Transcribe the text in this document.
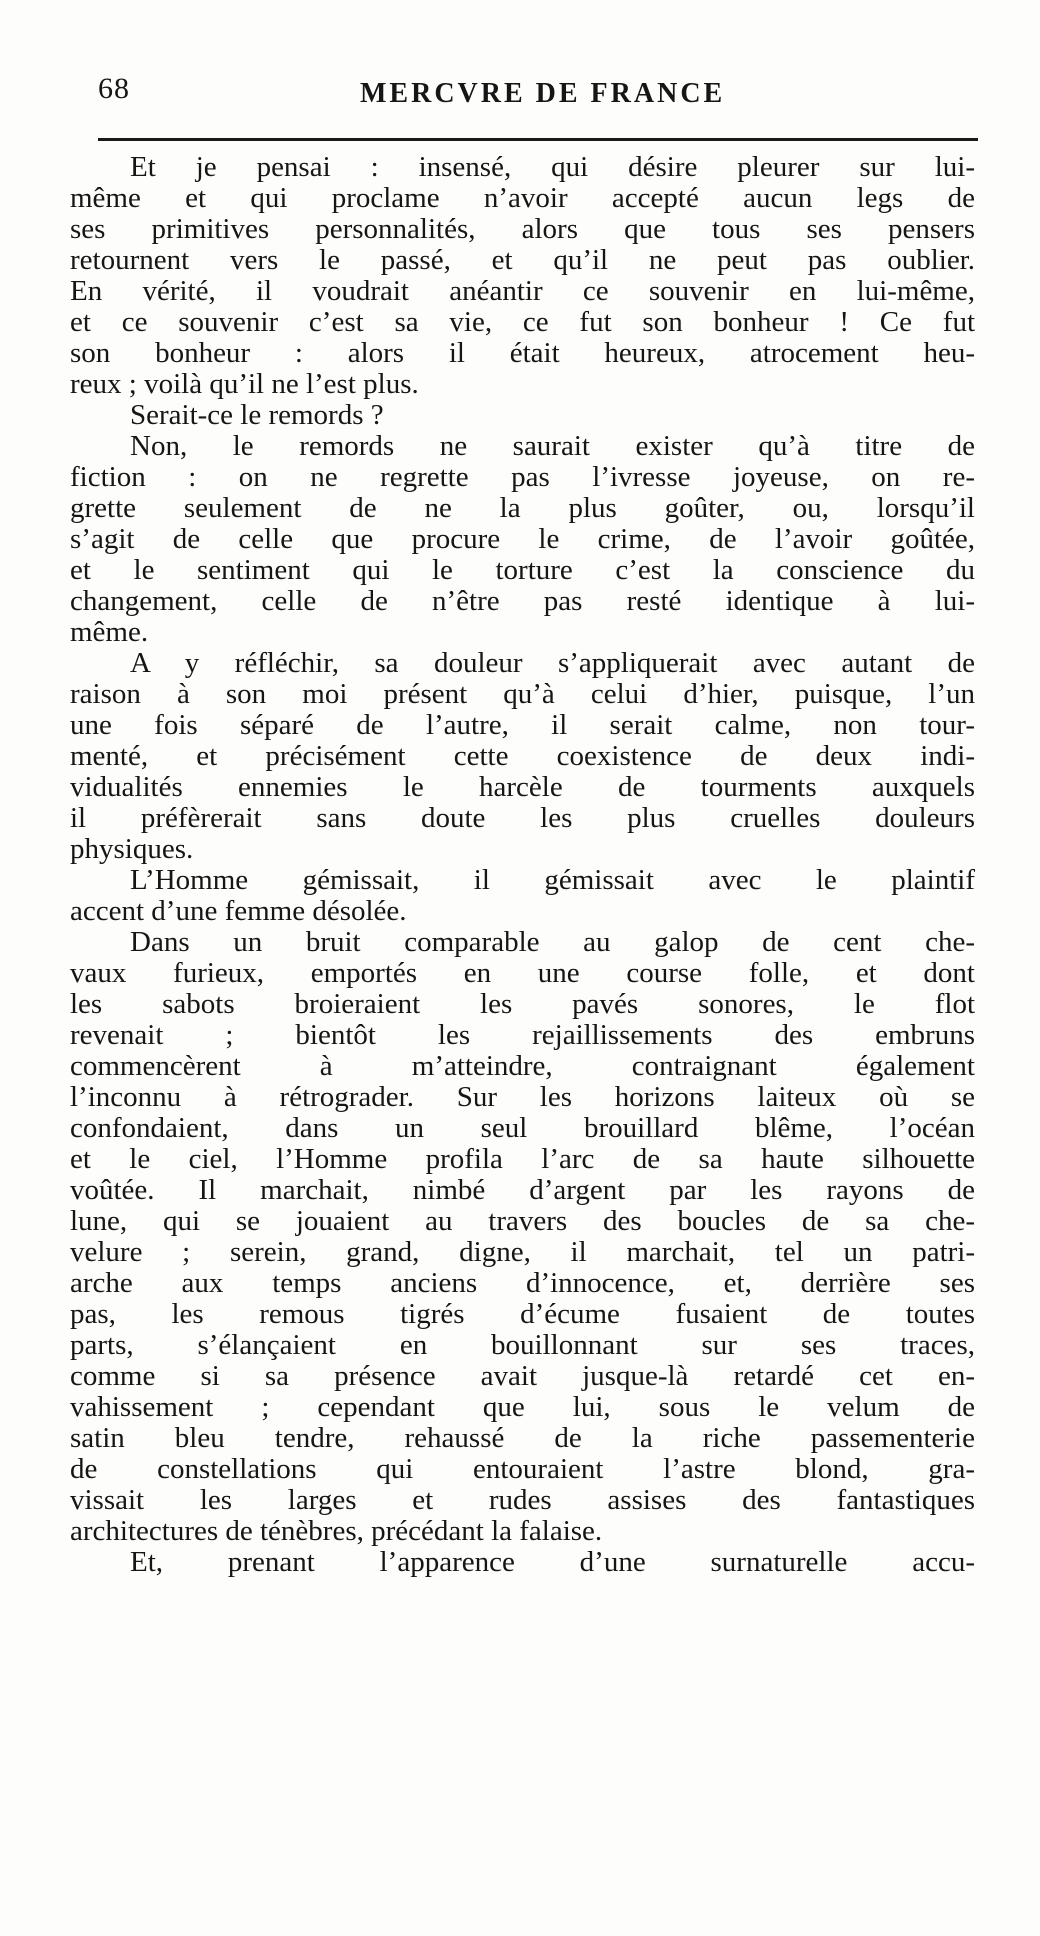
68	MERCVRE DE FRANCE
Et je pensai : insensé, qui désire pleurer sur lui-
même et qui proclame n’avoir accepté aucun legs de
ses primitives personnalités, alors que tous ses pensers
retournent vers le passé, et qu’il ne peut pas oublier.
En vérité, il voudrait anéantir ce souvenir en lui-même,
et ce souvenir c’est sa vie, ce fut son bonheur ! Ce fut
son bonheur : alors il était heureux, atrocement heu-
reux ; voilà qu’il ne l’est plus.
Serait-ce le remords ?
Non, le remords ne saurait exister qu’à titre de
fiction : on ne regrette pas l’ivresse joyeuse, on re-
grette seulement de ne la plus goûter, ou, lorsqu’il
s’agit de celle que procure le crime, de l’avoir goûtée,
et le sentiment qui le torture c’est la conscience du
changement, celle de n’être pas resté identique à lui-
même.
A y réfléchir, sa douleur s’appliquerait avec autant de
raison à son moi présent qu’à celui d’hier, puisque, l’un
une fois séparé de l’autre, il serait calme, non tour-
menté, et précisément cette coexistence de deux indi-
vidualités ennemies le harcèle de tourments auxquels
il préfèrerait sans doute les plus cruelles douleurs
physiques.
L’Homme gémissait, il gémissait avec le plaintif
accent d’une femme désolée.
Dans un bruit comparable au galop de cent che-
vaux furieux, emportés en une course folle, et dont
les sabots broieraient les pavés sonores, le flot
revenait ; bientôt les rejaillissements des embruns
commencèrent à m’atteindre, contraignant également
l’inconnu à rétrograder. Sur les horizons laiteux où se
confondaient, dans un seul brouillard blême, l’océan
et le ciel, l’Homme profila l’arc de sa haute silhouette
voûtée. Il marchait, nimbé d’argent par les rayons de
lune, qui se jouaient au travers des boucles de sa che-
velure ; serein, grand, digne, il marchait, tel un patri-
arche aux temps anciens d’innocence, et, derrière ses
pas, les remous tigrés d’écume fusaient de toutes
parts, s’élançaient en bouillonnant sur ses traces,
comme si sa présence avait jusque-là retardé cet en-
vahissement ; cependant que lui, sous le velum de
satin bleu tendre, rehaussé de la riche passementerie
de constellations qui entouraient l’astre blond, gra-
vissait les larges et rudes assises des fantastiques
architectures de ténèbres, précédant la falaise.
Et, prenant l’apparence d’une surnaturelle accu-
